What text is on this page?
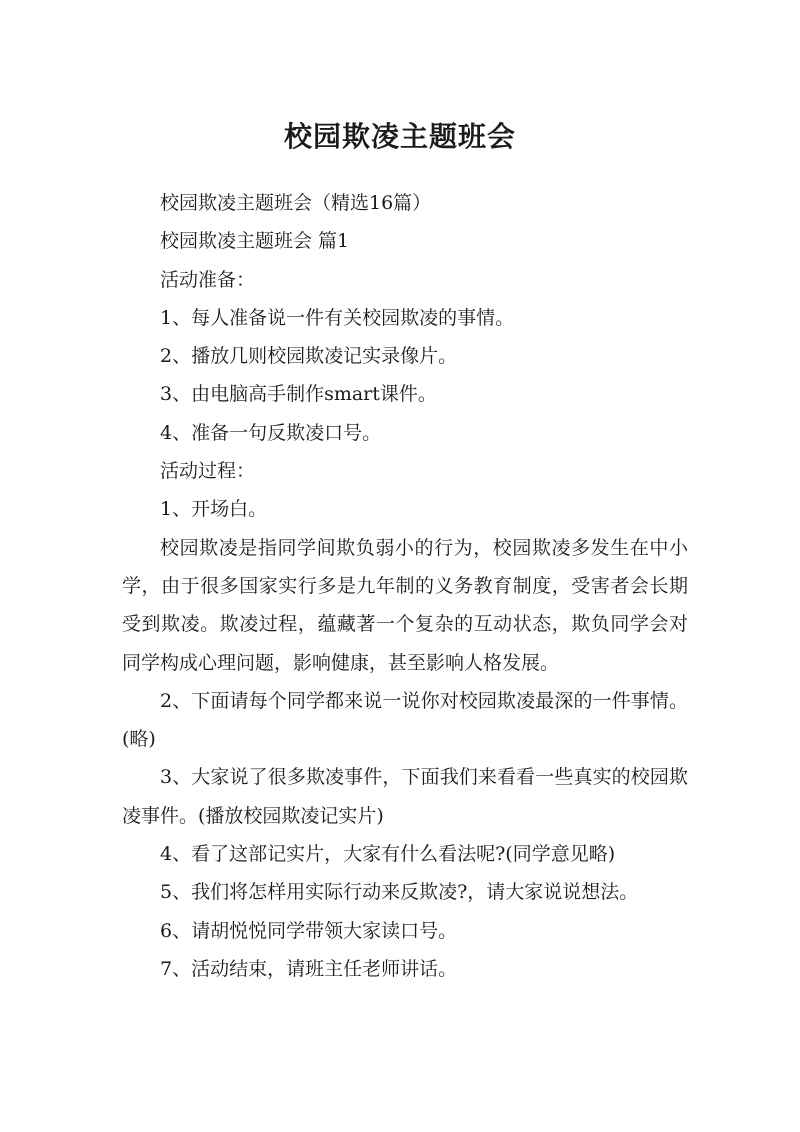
校园欺凌主题班会

校园欺凌主题班会（精选16篇）

校园欺凌主题班会 篇1

活动准备：

1、每人准备说一件有关校园欺凌的事情。

2、播放几则校园欺凌记实录像片。

3、由电脑高手制作smart课件。

4、准备一句反欺凌口号。

活动过程：

1、开场白。

校园欺凌是指同学间欺负弱小的行为，校园欺凌多发生在中小学，由于很多国家实行多是九年制的义务教育制度，受害者会长期受到欺凌。欺凌过程，蕴藏著一个复杂的互动状态，欺负同学会对同学构成心理问题，影响健康，甚至影响人格发展。

2、下面请每个同学都来说一说你对校园欺凌最深的一件事情。(略)

3、大家说了很多欺凌事件，下面我们来看看一些真实的校园欺凌事件。(播放校园欺凌记实片)

4、看了这部记实片，大家有什么看法呢?(同学意见略)

5、我们将怎样用实际行动来反欺凌?，请大家说说想法。

6、请胡悦悦同学带领大家读口号。

7、活动结束，请班主任老师讲话。
